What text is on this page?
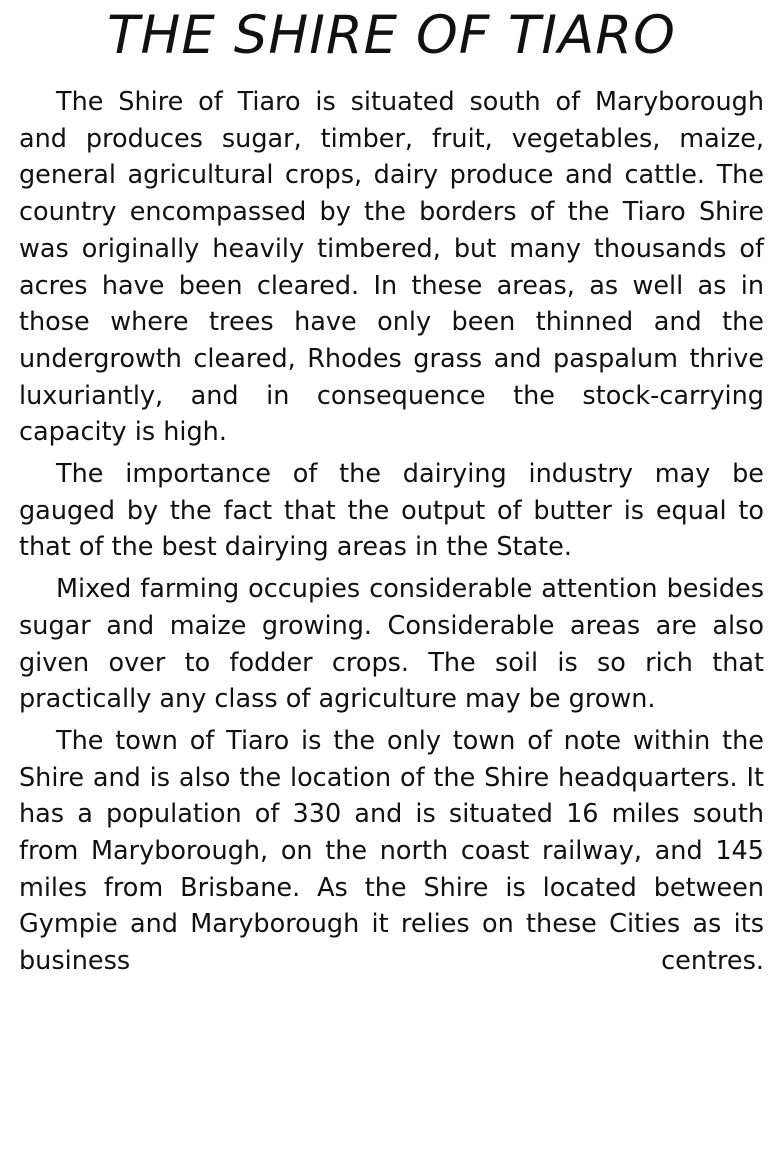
THE SHIRE OF TIARO

The Shire of Tiaro is situated south of Maryborough and produces sugar, timber, fruit, vegetables, maize, general agricultural crops, dairy produce and cattle. The country encompassed by the borders of the Tiaro Shire was originally heavily timbered, but many thousands of acres have been cleared. In these areas, as well as in those where trees have only been thinned and the undergrowth cleared, Rhodes grass and paspalum thrive luxuriantly, and in consequence the stock-carrying capacity is high.

The importance of the dairying industry may be gauged by the fact that the output of butter is equal to that of the best dairying areas in the State.

Mixed farming occupies considerable attention besides sugar and maize growing. Considerable areas are also given over to fodder crops. The soil is so rich that practically any class of agriculture may be grown.

The town of Tiaro is the only town of note within the Shire and is also the location of the Shire headquarters. It has a population of 330 and is situated 16 miles south from Maryborough, on the north coast railway, and 145 miles from Brisbane. As the Shire is located between Gympie and Maryborough it relies on these Cities as its business centres.
